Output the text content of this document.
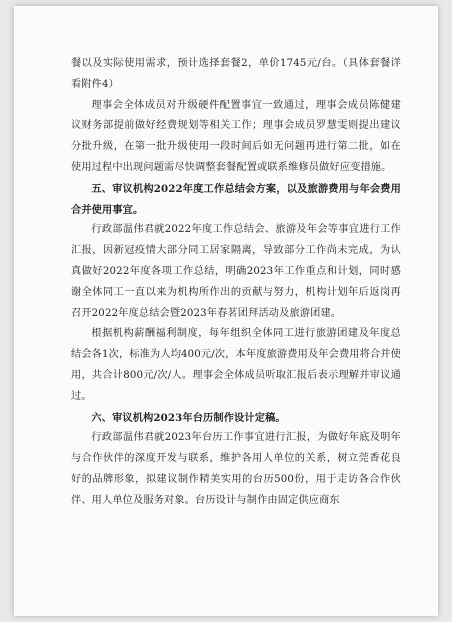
餐以及实际使用需求，预计选择套餐2，单价1745元/台。（具体套餐详看附件4）

理事会全体成员对升级硬件配置事宜一致通过，理事会成员陈健建议财务部提前做好经费规划等相关工作；理事会成员罗慧雯则提出建议分批升级，在第一批升级使用一段时间后如无问题再进行第二批，如在使用过程中出现问题需尽快调整套餐配置或联系维修员做好应变措施。

五、审议机构2022年度工作总结会方案，以及旅游费用与年会费用合并使用事宜。

行政部温伟君就2022年度工作总结会、旅游及年会等事宜进行工作汇报，因新冠疫情大部分同工居家隔离，导致部分工作尚未完成，为认真做好2022年度各项工作总结，明确2023年工作重点和计划，同时感谢全体同工一直以来为机构所作出的贡献与努力，机构计划年后返岗再召开2022年度总结会暨2023年春茗团拜活动及旅游团建。

根据机构薪酬福利制度，每年组织全体同工进行旅游团建及年度总结会各1次，标准为人均400元/次，本年度旅游费用及年会费用将合并使用，共合计800元/次/人。理事会全体成员听取汇报后表示理解并审议通过。

六、审议机构2023年台历制作设计定稿。

行政部温伟君就2023年台历工作事宜进行汇报，为做好年底及明年与合作伙伴的深度开发与联系，维护各用人单位的关系，树立莞香花良好的品牌形象，拟建议制作精美实用的台历500份，用于走访各合作伙伴、用人单位及服务对象。台历设计与制作由固定供应商东
